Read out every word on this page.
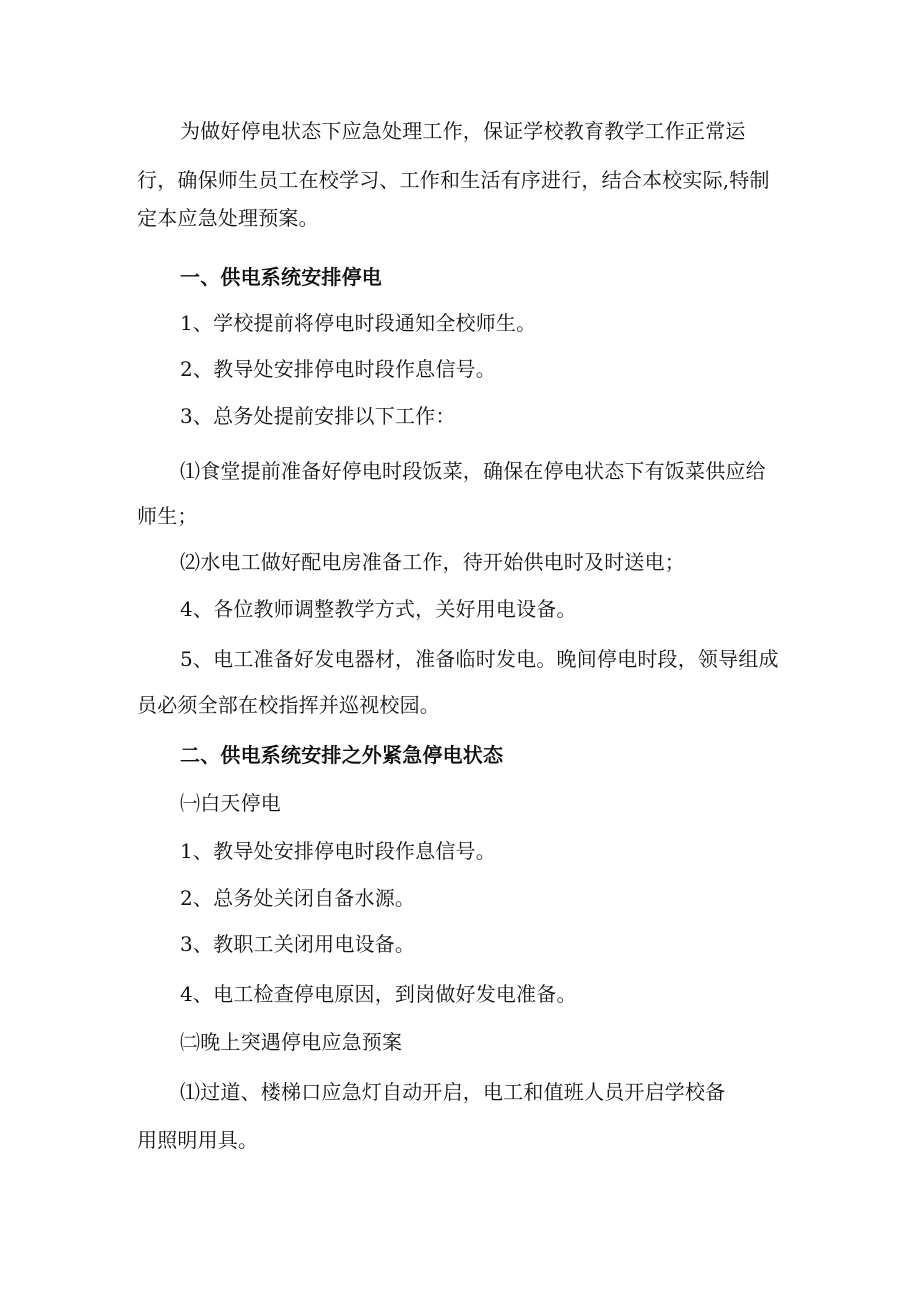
为做好停电状态下应急处理工作，保证学校教育教学工作正常运
行，确保师生员工在校学习、工作和生活有序进行，结合本校实际,特制
定本应急处理预案。
一、供电系统安排停电
1、学校提前将停电时段通知全校师生。
2、教导处安排停电时段作息信号。
3、总务处提前安排以下工作：
⑴食堂提前准备好停电时段饭菜，确保在停电状态下有饭菜供应给
师生；
⑵水电工做好配电房准备工作，待开始供电时及时送电；
4、各位教师调整教学方式，关好用电设备。
5、电工准备好发电器材，准备临时发电。晚间停电时段，领导组成
员必须全部在校指挥并巡视校园。
二、供电系统安排之外紧急停电状态
㈠白天停电
1、教导处安排停电时段作息信号。
2、总务处关闭自备水源。
3、教职工关闭用电设备。
4、电工检查停电原因，到岗做好发电准备。
㈡晚上突遇停电应急预案
⑴过道、楼梯口应急灯自动开启，电工和值班人员开启学校备
用照明用具。
